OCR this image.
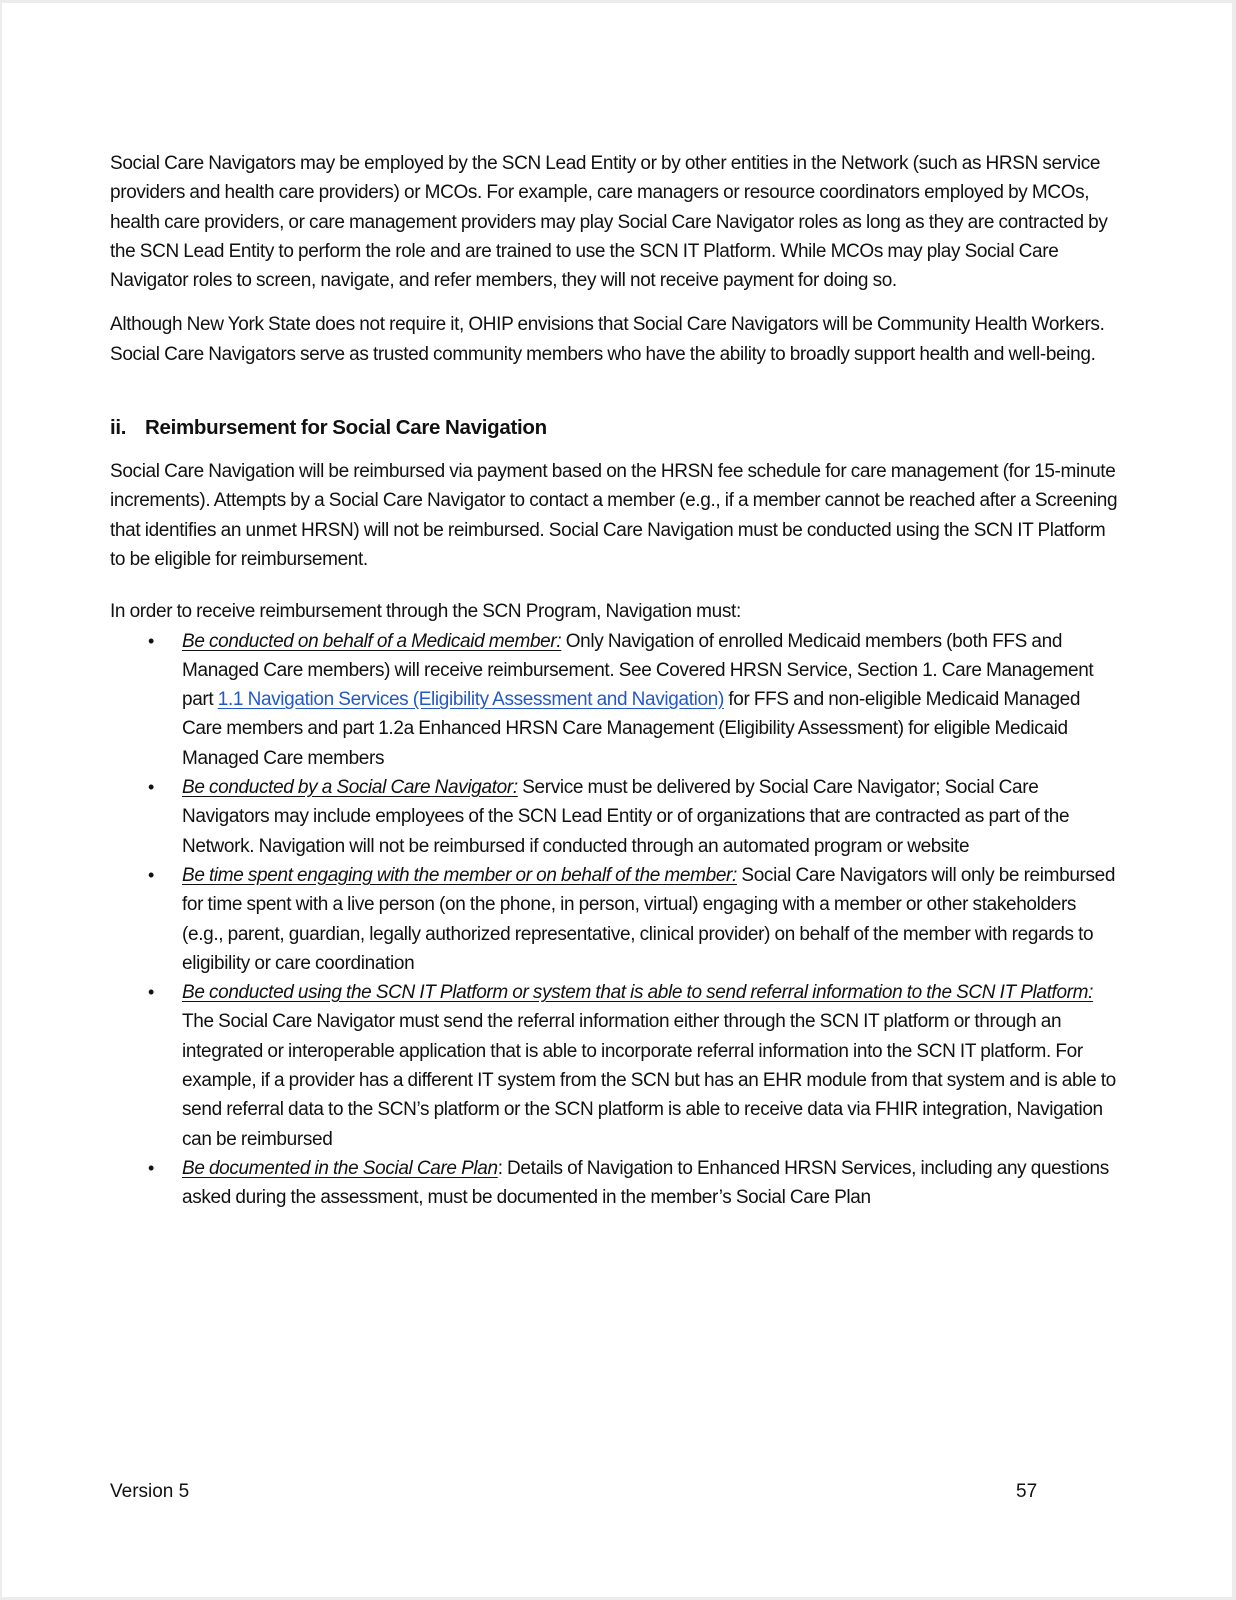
Social Care Navigators may be employed by the SCN Lead Entity or by other entities in the Network (such as HRSN service providers and health care providers) or MCOs. For example, care managers or resource coordinators employed by MCOs, health care providers, or care management providers may play Social Care Navigator roles as long as they are contracted by the SCN Lead Entity to perform the role and are trained to use the SCN IT Platform. While MCOs may play Social Care Navigator roles to screen, navigate, and refer members, they will not receive payment for doing so.

Although New York State does not require it, OHIP envisions that Social Care Navigators will be Community Health Workers. Social Care Navigators serve as trusted community members who have the ability to broadly support health and well-being.

ii. Reimbursement for Social Care Navigation

Social Care Navigation will be reimbursed via payment based on the HRSN fee schedule for care management (for 15-minute increments). Attempts by a Social Care Navigator to contact a member (e.g., if a member cannot be reached after a Screening that identifies an unmet HRSN) will not be reimbursed. Social Care Navigation must be conducted using the SCN IT Platform to be eligible for reimbursement.

In order to receive reimbursement through the SCN Program, Navigation must:

• Be conducted on behalf of a Medicaid member: Only Navigation of enrolled Medicaid members (both FFS and Managed Care members) will receive reimbursement. See Covered HRSN Service, Section 1. Care Management part 1.1 Navigation Services (Eligibility Assessment and Navigation) for FFS and non-eligible Medicaid Managed Care members and part 1.2a Enhanced HRSN Care Management (Eligibility Assessment) for eligible Medicaid Managed Care members
• Be conducted by a Social Care Navigator: Service must be delivered by Social Care Navigator; Social Care Navigators may include employees of the SCN Lead Entity or of organizations that are contracted as part of the Network. Navigation will not be reimbursed if conducted through an automated program or website
• Be time spent engaging with the member or on behalf of the member: Social Care Navigators will only be reimbursed for time spent with a live person (on the phone, in person, virtual) engaging with a member or other stakeholders (e.g., parent, guardian, legally authorized representative, clinical provider) on behalf of the member with regards to eligibility or care coordination
• Be conducted using the SCN IT Platform or system that is able to send referral information to the SCN IT Platform: The Social Care Navigator must send the referral information either through the SCN IT platform or through an integrated or interoperable application that is able to incorporate referral information into the SCN IT platform. For example, if a provider has a different IT system from the SCN but has an EHR module from that system and is able to send referral data to the SCN’s platform or the SCN platform is able to receive data via FHIR integration, Navigation can be reimbursed
• Be documented in the Social Care Plan: Details of Navigation to Enhanced HRSN Services, including any questions asked during the assessment, must be documented in the member’s Social Care Plan
Version 5	57
